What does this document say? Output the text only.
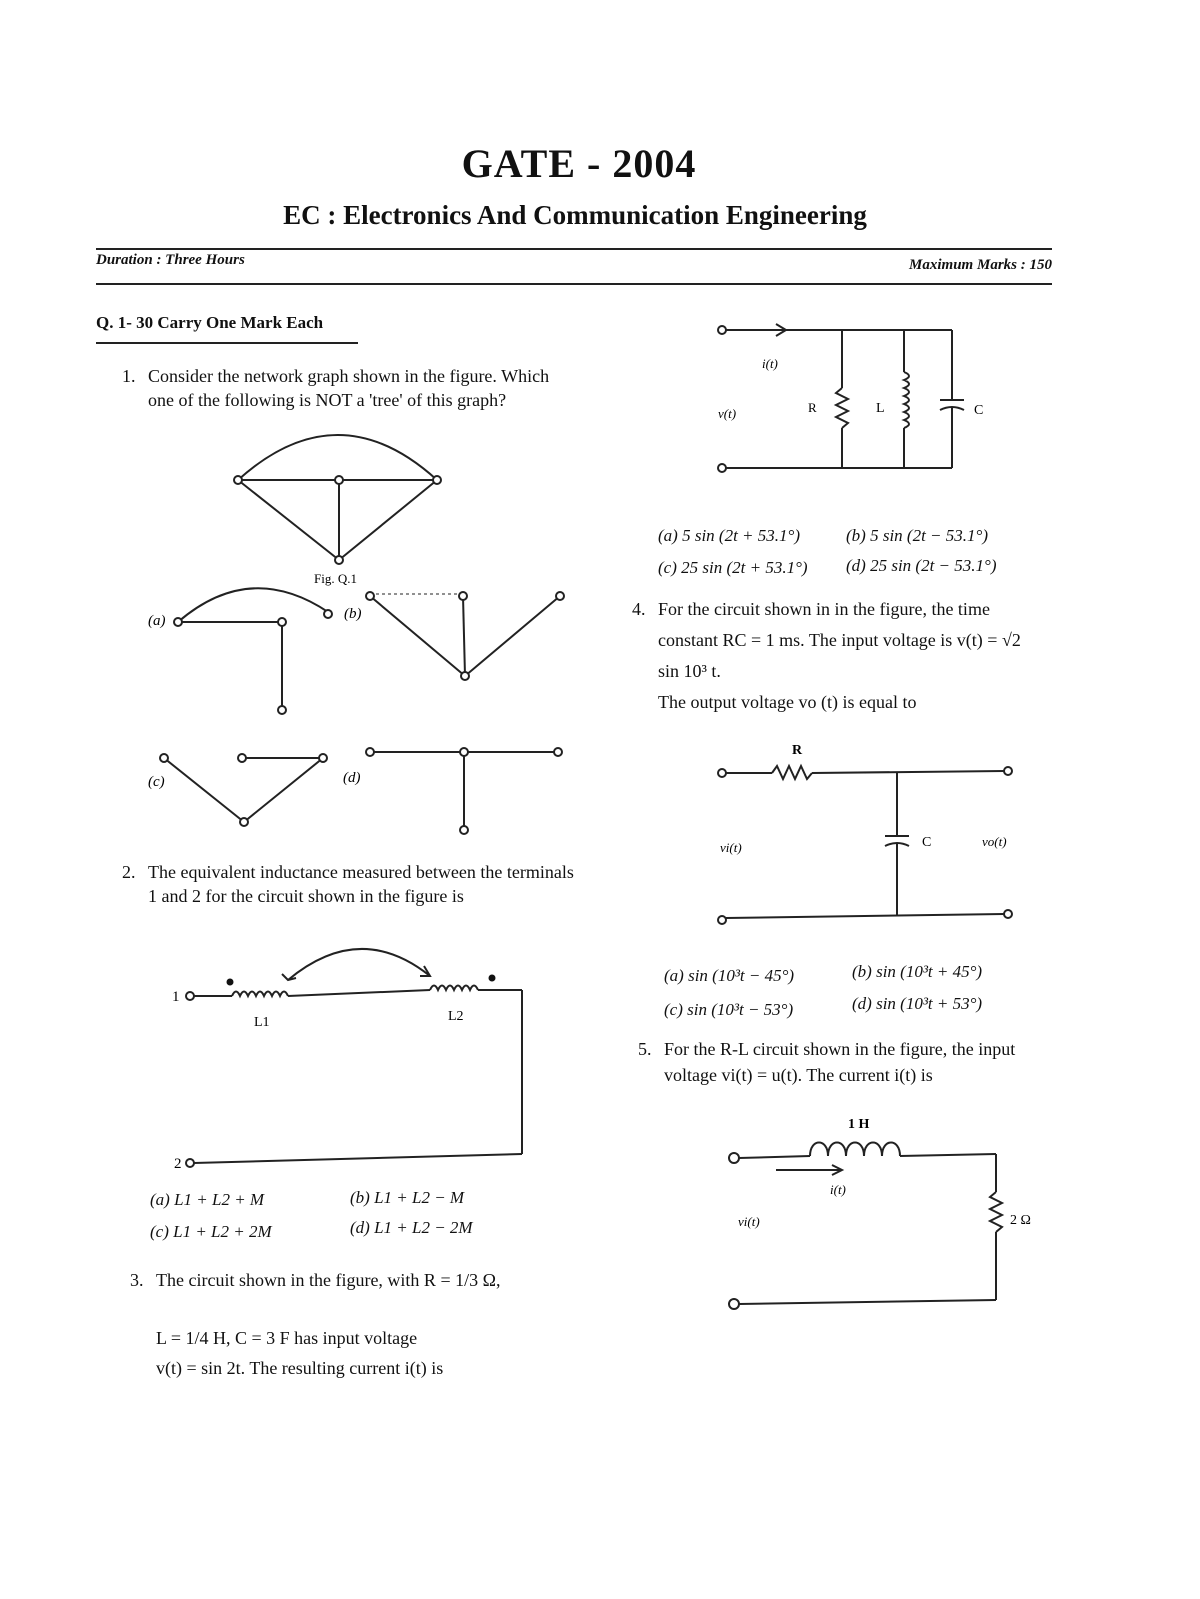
GATE - 2004
EC : Electronics And Communication Engineering
Duration : Three Hours	Maximum Marks : 150
Q. 1- 30 Carry One Mark Each
1. Consider the network graph shown in the figure. Which one of the following is NOT a 'tree' of this graph?
Fig. Q.1
(a)	(b)
(c)	(d)
2. The equivalent inductance measured between the terminals 1 and 2 for the circuit shown in the figure is
1
2
L1	L2
(a) L1 + L2 + M	(b) L1 + L2 − M
(c) L1 + L2 + 2M	(d) L1 + L2 − 2M
3. The circuit shown in the figure, with R = 1/3 Ω,
L = 1/4 H, C = 3 F has input voltage
v(t) = sin 2t. The resulting current i(t) is
i(t)
v(t)	R	L	C
(a) 5 sin (2t + 53.1°)	(b) 5 sin (2t − 53.1°)
(c) 25 sin (2t + 53.1°) (d) 25 sin (2t − 53.1°)
4. For the circuit shown in in the figure, the time
constant RC = 1 ms. The input voltage is v(t) = √2
sin 10³ t.
The output voltage vo (t) is equal to
R
C
vi(t)	vo(t)
(a) sin (10³t − 45°)	(b) sin (10³t + 45°)
(c) sin (10³t − 53°)	(d) sin (10³t + 53°)
5. For the R-L circuit shown in the figure, the input
voltage vi(t) = u(t). The current i(t) is
1 H
i(t)
vi(t)	2 Ω
